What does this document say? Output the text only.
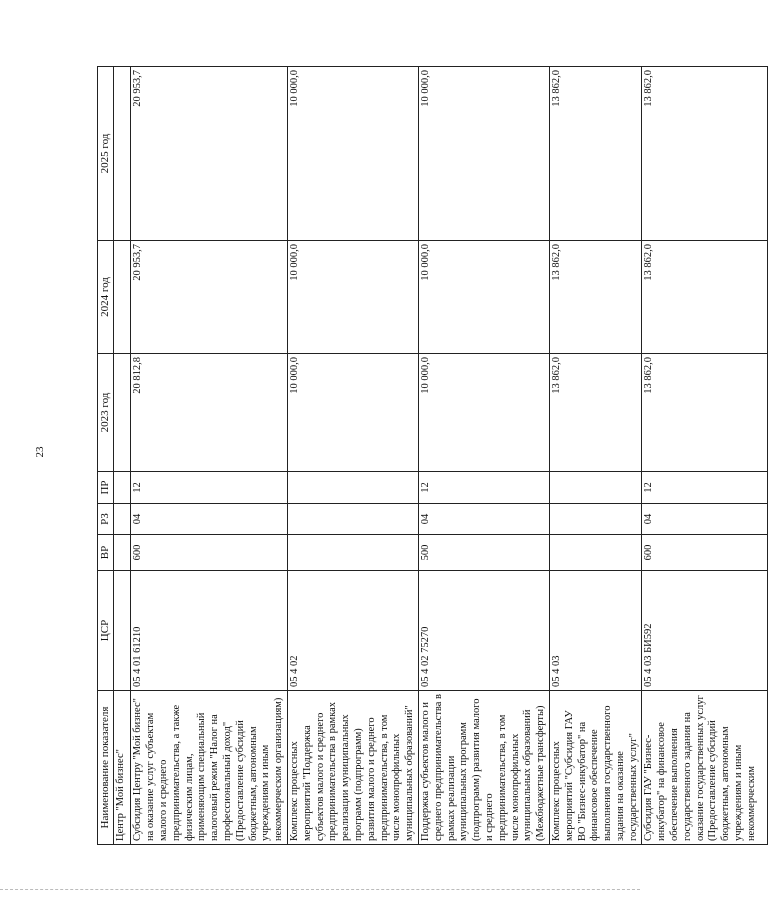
23
Наименование показателя	ЦСР	ВР	РЗ	ПР	2023 год	2024 год	2025 год
Центр "Мой бизнес"							
Субсидия Центру "Мой бизнес" на оказание услуг субъектам малого и среднего предпринимательства, а также физическим лицам, применяющим специальный налоговый режим "Налог на профессиональный доход" (Предоставление субсидий бюджетным, автономным учреждениям и иным некоммерческим организациям)	05 4 01 61210	600	04	12	20 812,8	20 953,7	20 953,7
Комплекс процессных мероприятий "Поддержка субъектов малого и среднего предпринимательства в рамках реализации муниципальных программ (подпрограмм) развития малого и среднего предпринимательства, в том числе монопрофильных муниципальных образований"	05 4 02				10 000,0	10 000,0	10 000,0
Поддержка субъектов малого и среднего предпринимательства в рамках реализации муниципальных программ (подпрограмм) развития малого и среднего предпринимательства, в том числе монопрофильных муниципальных образований (Межбюджетные трансферты)	05 4 02 75270	500	04	12	10 000,0	10 000,0	10 000,0
Комплекс процессных мероприятий "Субсидия ГАУ ВО "Бизнес-инкубатор" на финансовое обеспечение выполнения государственного задания на оказание государственных услуг"	05 4 03				13 862,0	13 862,0	13 862,0
Субсидия ГАУ "Бизнес-инкубатор" на финансовое обеспечение выполнения государственного задания на оказание государственных услуг (Предоставление субсидий бюджетным, автономным учреждениям и иным некоммерческим	05 4 03 БИ592	600	04	12	13 862,0	13 862,0	13 862,0
